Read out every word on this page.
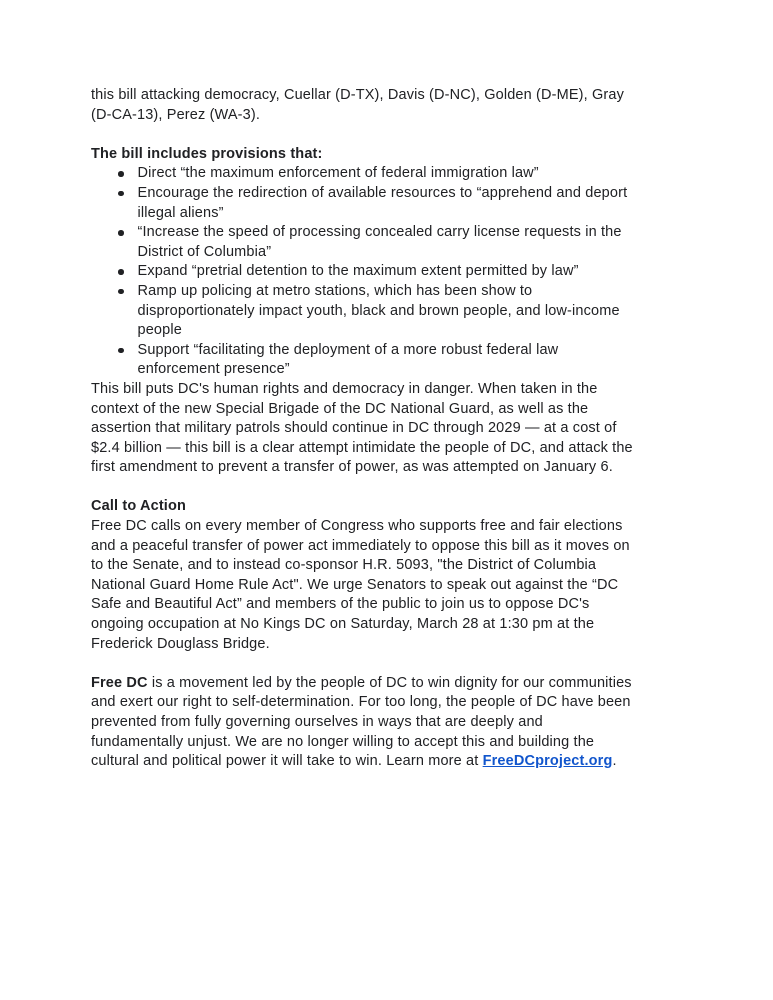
this bill attacking democracy, Cuellar (D-TX), Davis (D-NC), Golden (D-ME), Gray
(D-CA-13), Perez (WA-3).
The bill includes provisions that:
Direct “the maximum enforcement of federal immigration law”
Encourage the redirection of available resources to “apprehend and deport
illegal aliens”
“Increase the speed of processing concealed carry license requests in the
District of Columbia”
Expand “pretrial detention to the maximum extent permitted by law”
Ramp up policing at metro stations, which has been show to
disproportionately impact youth, black and brown people, and low-income
people
Support “facilitating the deployment of a more robust federal law
enforcement presence”
This bill puts DC's human rights and democracy in danger. When taken in the
context of the new Special Brigade of the DC National Guard, as well as the
assertion that military patrols should continue in DC through 2029 — at a cost of
$2.4 billion — this bill is a clear attempt intimidate the people of DC, and attack the
first amendment to prevent a transfer of power, as was attempted on January 6.
Call to Action
Free DC calls on every member of Congress who supports free and fair elections
and a peaceful transfer of power act immediately to oppose this bill as it moves on
to the Senate, and to instead co-sponsor H.R. 5093, "the District of Columbia
National Guard Home Rule Act". We urge Senators to speak out against the “DC
Safe and Beautiful Act” and members of the public to join us to oppose DC's
ongoing occupation at No Kings DC on Saturday, March 28 at 1:30 pm at the
Frederick Douglass Bridge.
Free DC is a movement led by the people of DC to win dignity for our communities
and exert our right to self-determination. For too long, the people of DC have been
prevented from fully governing ourselves in ways that are deeply and
fundamentally unjust. We are no longer willing to accept this and building the
cultural and political power it will take to win. Learn more at FreeDCproject.org.
